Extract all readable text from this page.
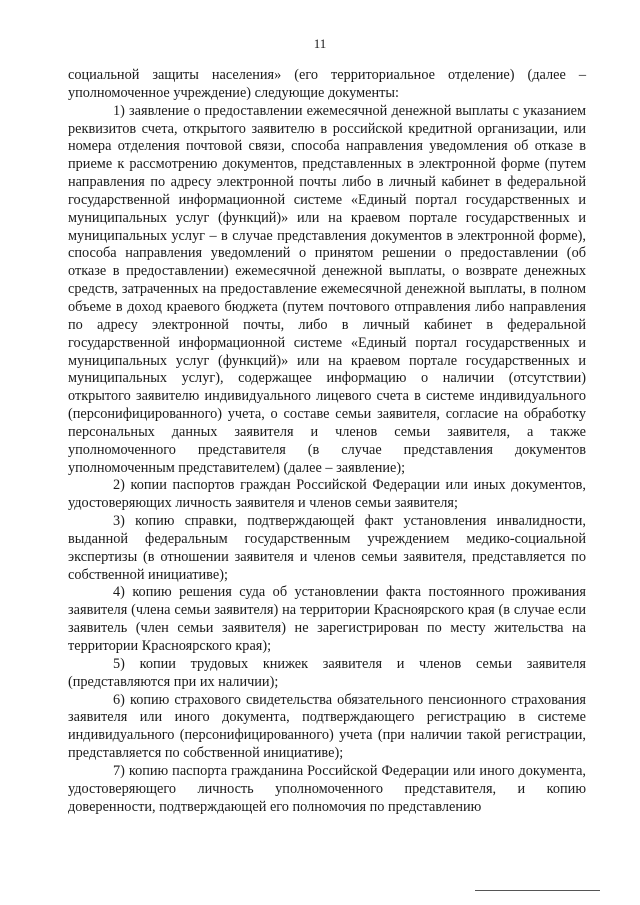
11

социальной защиты населения» (его территориальное отделение) (далее – уполномоченное учреждение) следующие документы:

1) заявление о предоставлении ежемесячной денежной выплаты с указанием реквизитов счета, открытого заявителю в российской кредитной организации, или номера отделения почтовой связи, способа направления уведомления об отказе в приеме к рассмотрению документов, представленных в электронной форме (путем направления по адресу электронной почты либо в личный кабинет в федеральной государственной информационной системе «Единый портал государственных и муниципальных услуг (функций)» или на краевом портале государственных и муниципальных услуг – в случае представления документов в электронной форме), способа направления уведомлений о принятом решении о предоставлении (об отказе в предоставлении) ежемесячной денежной выплаты, о возврате денежных средств, затраченных на предоставление ежемесячной денежной выплаты, в полном объеме в доход краевого бюджета (путем почтового отправления либо направления по адресу электронной почты, либо в личный кабинет в федеральной государственной информационной системе «Единый портал государственных и муниципальных услуг (функций)» или на краевом портале государственных и муниципальных услуг), содержащее информацию о наличии (отсутствии) открытого заявителю индивидуального лицевого счета в системе индивидуального (персонифицированного) учета, о составе семьи заявителя, согласие на обработку персональных данных заявителя и членов семьи заявителя, а также уполномоченного представителя (в случае представления документов уполномоченным представителем) (далее – заявление);

2) копии паспортов граждан Российской Федерации или иных документов, удостоверяющих личность заявителя и членов семьи заявителя;

3) копию справки, подтверждающей факт установления инвалидности, выданной федеральным государственным учреждением медико-социальной экспертизы (в отношении заявителя и членов семьи заявителя, представляется по собственной инициативе);

4) копию решения суда об установлении факта постоянного проживания заявителя (члена семьи заявителя) на территории Красноярского края (в случае если заявитель (член семьи заявителя) не зарегистрирован по месту жительства на территории Красноярского края);

5) копии трудовых книжек заявителя и членов семьи заявителя (представляются при их наличии);

6) копию страхового свидетельства обязательного пенсионного страхования заявителя или иного документа, подтверждающего регистрацию в системе индивидуального (персонифицированного) учета (при наличии такой регистрации, представляется по собственной инициативе);

7) копию паспорта гражданина Российской Федерации или иного документа, удостоверяющего личность уполномоченного представителя, и копию доверенности, подтверждающей его полномочия по представлению
